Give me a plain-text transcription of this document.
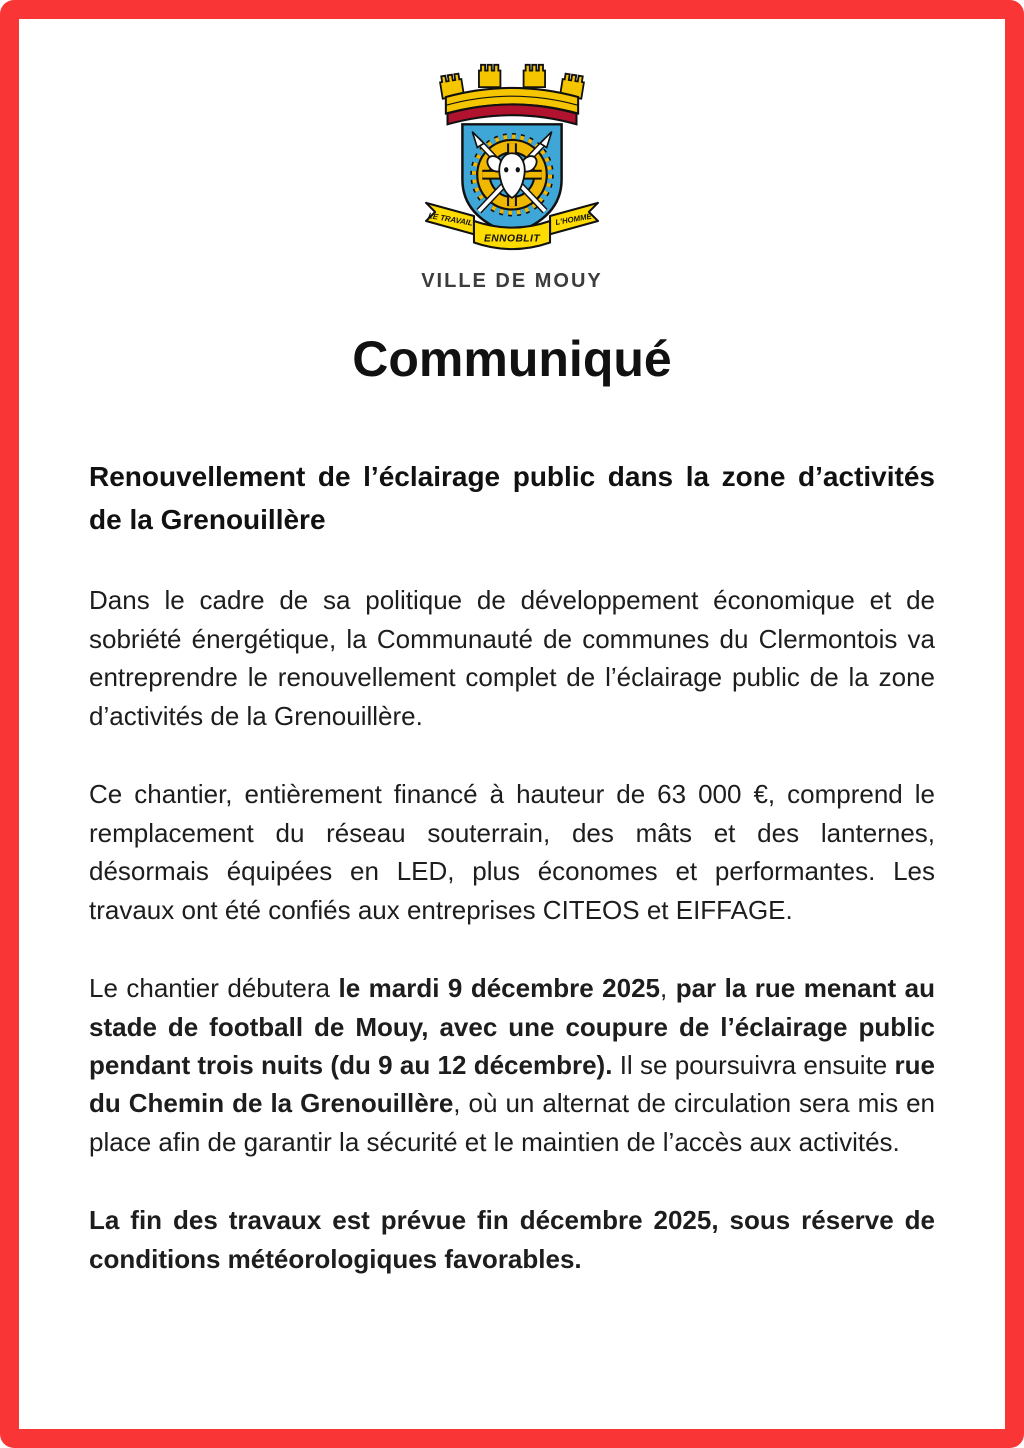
LE TRAVAIL	L'HOMME
ENNOBLIT
VILLE DE MOUY
Communiqué
Renouvellement de l’éclairage public dans la zone d’activités de la Grenouillère

Dans le cadre de sa politique de développement économique et de sobriété énergétique, la Communauté de communes du Clermontois va entreprendre le renouvellement complet de l’éclairage public de la zone d’activités de la Grenouillère.

Ce chantier, entièrement financé à hauteur de 63 000 €, comprend le remplacement du réseau souterrain, des mâts et des lanternes, désormais équipées en LED, plus économes et performantes. Les travaux ont été confiés aux entreprises CITEOS et EIFFAGE.

Le chantier débutera le mardi 9 décembre 2025, par la rue menant au stade de football de Mouy, avec une coupure de l’éclairage public pendant trois nuits (du 9 au 12 décembre). Il se poursuivra ensuite rue du Chemin de la Grenouillère, où un alternat de circulation sera mis en place afin de garantir la sécurité et le maintien de l’accès aux activités.

La fin des travaux est prévue fin décembre 2025, sous réserve de conditions météorologiques favorables.
